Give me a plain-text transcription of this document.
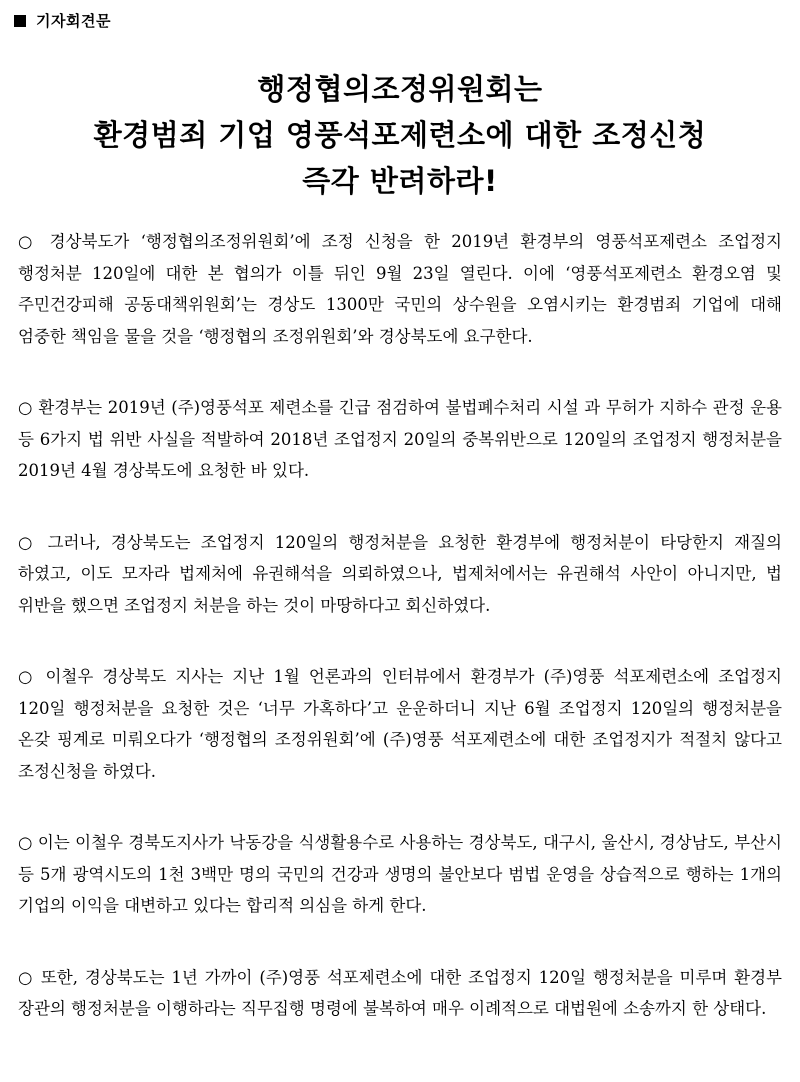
기자회견문
행정협의조정위원회는
환경범죄 기업 영풍석포제련소에 대한 조정신청
즉각 반려하라!

○ 경상북도가 ‘행정협의조정위원회’에 조정 신청을 한 2019년 환경부의 영풍석포제련소 조업정지 행정처분 120일에 대한 본 협의가 이틀 뒤인 9월 23일 열린다. 이에 ‘영풍석포제련소 환경오염 및 주민건강피해 공동대책위원회’는 경상도 1300만 국민의 상수원을 오염시키는 환경범죄 기업에 대해 엄중한 책임을 물을 것을 ‘행정협의 조정위원회’와 경상북도에 요구한다.

○ 환경부는 2019년 (주)영풍석포 제련소를 긴급 점검하여 불법폐수처리 시설 과 무허가 지하수 관정 운용 등 6가지 법 위반 사실을 적발하여 2018년 조업정지 20일의 중복위반으로 120일의 조업정지 행정처분을 2019년 4월 경상북도에 요청한 바 있다.

○ 그러나, 경상북도는 조업정지 120일의 행정처분을 요청한 환경부에 행정처분이 타당한지 재질의 하였고, 이도 모자라 법제처에 유권해석을 의뢰하였으나, 법제처에서는 유권해석 사안이 아니지만, 법 위반을 했으면 조업정지 처분을 하는 것이 마땅하다고 회신하였다.

○ 이철우 경상북도 지사는 지난 1월 언론과의 인터뷰에서 환경부가 (주)영풍 석포제련소에 조업정지 120일 행정처분을 요청한 것은 ‘너무 가혹하다’고 운운하더니 지난 6월 조업정지 120일의 행정처분을 온갖 핑계로 미뤄오다가 ‘행정협의 조정위원회’에 (주)영풍 석포제련소에 대한 조업정지가 적절치 않다고 조정신청을 하였다.

○ 이는 이철우 경북도지사가 낙동강을 식생활용수로 사용하는 경상북도, 대구시, 울산시, 경상남도, 부산시 등 5개 광역시도의 1천 3백만 명의 국민의 건강과 생명의 불안보다 범법 운영을 상습적으로 행하는 1개의 기업의 이익을 대변하고 있다는 합리적 의심을 하게 한다.

○ 또한, 경상북도는 1년 가까이 (주)영풍 석포제련소에 대한 조업정지 120일 행정처분을 미루며 환경부 장관의 행정처분을 이행하라는 직무집행 명령에 불복하여 매우 이례적으로 대법원에 소송까지 한 상태다.
